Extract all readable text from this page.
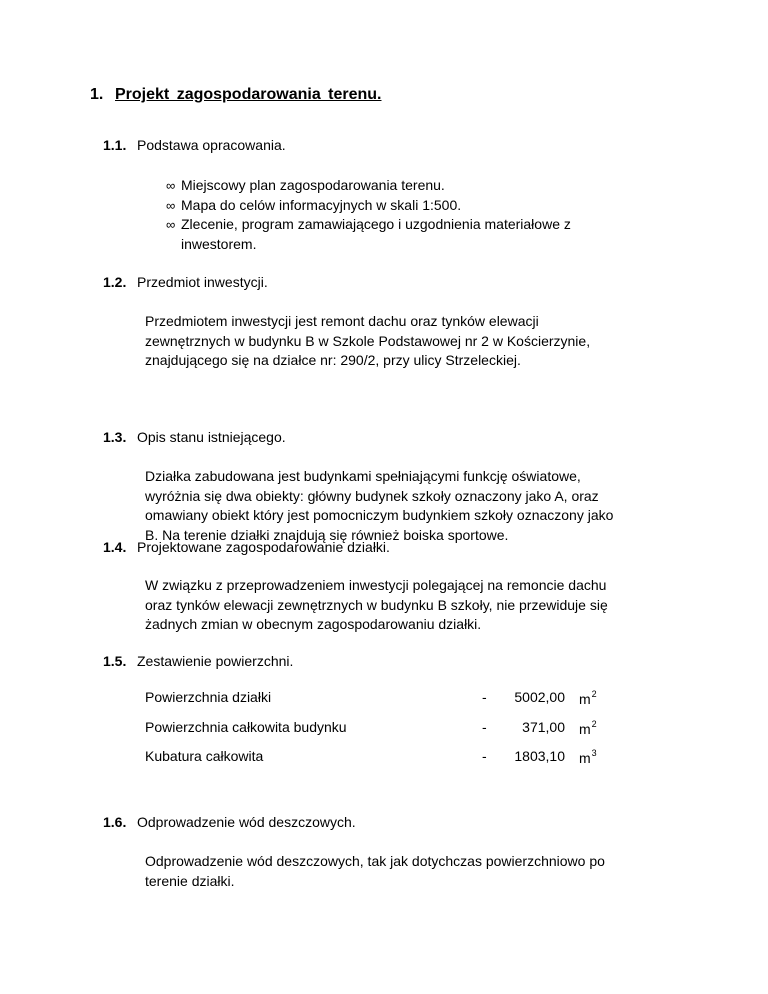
1. Projekt zagospodarowania terenu.
1.1. Podstawa opracowania.
∞ Miejscowy plan zagospodarowania terenu.
∞ Mapa do celów informacyjnych w skali 1:500.
∞ Zlecenie, program zamawiającego i uzgodnienia materiałowe z
inwestorem.
1.2. Przedmiot inwestycji.
Przedmiotem inwestycji jest remont dachu oraz tynków elewacji
zewnętrznych w budynku B w Szkole Podstawowej nr 2 w Kościerzynie,
znajdującego się na działce nr: 290/2, przy ulicy Strzeleckiej.
1.3. Opis stanu istniejącego.
Działka zabudowana jest budynkami spełniającymi funkcję oświatowe,
wyróżnia się dwa obiekty: główny budynek szkoły oznaczony jako A, oraz
omawiany obiekt który jest pomocniczym budynkiem szkoły oznaczony jako
B. Na terenie działki znajdują się również boiska sportowe.
1.4. Projektowane zagospodarowanie działki.
W związku z przeprowadzeniem inwestycji polegającej na remoncie dachu
oraz tynków elewacji zewnętrznych w budynku B szkoły, nie przewiduje się
żadnych zmian w obecnym zagospodarowaniu działki.
1.5. Zestawienie powierzchni.
Powierzchnia działki	- 5002,00 $m^2$
Powierzchnia całkowita budynku	-	371,00 $m^2$
Kubatura całkowita	- 1803,10 $m^3$
1.6. Odprowadzenie wód deszczowych.
Odprowadzenie wód deszczowych, tak jak dotychczas powierzchniowo po
terenie działki.
